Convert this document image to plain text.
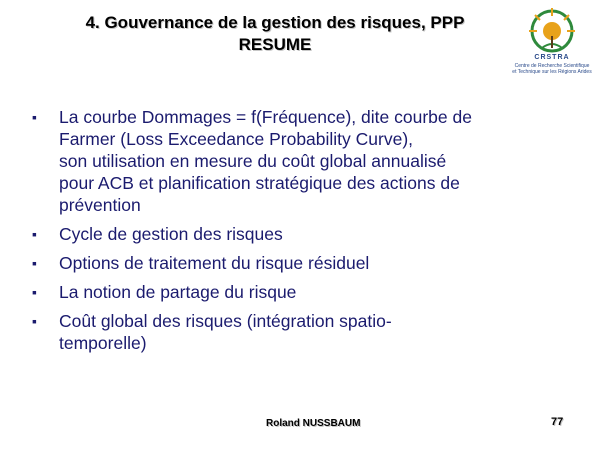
4. Gouvernance de la gestion des risques, PPP
RESUME
CRSTRA
Centre de Recherche Scientifique
et Technique sur les Régions Arides
▪ La courbe Dommages = f(Fréquence), dite courbe de
Farmer (Loss Exceedance Probability Curve),
son utilisation en mesure du coût global annualisé
pour ACB et planification stratégique des actions de
prévention
▪ Cycle de gestion des risques
▪ Options de traitement du risque résiduel
▪ La notion de partage du risque
▪ Coût global des risques (intégration spatio-
temporelle)
Roland NUSSBAUM	77
